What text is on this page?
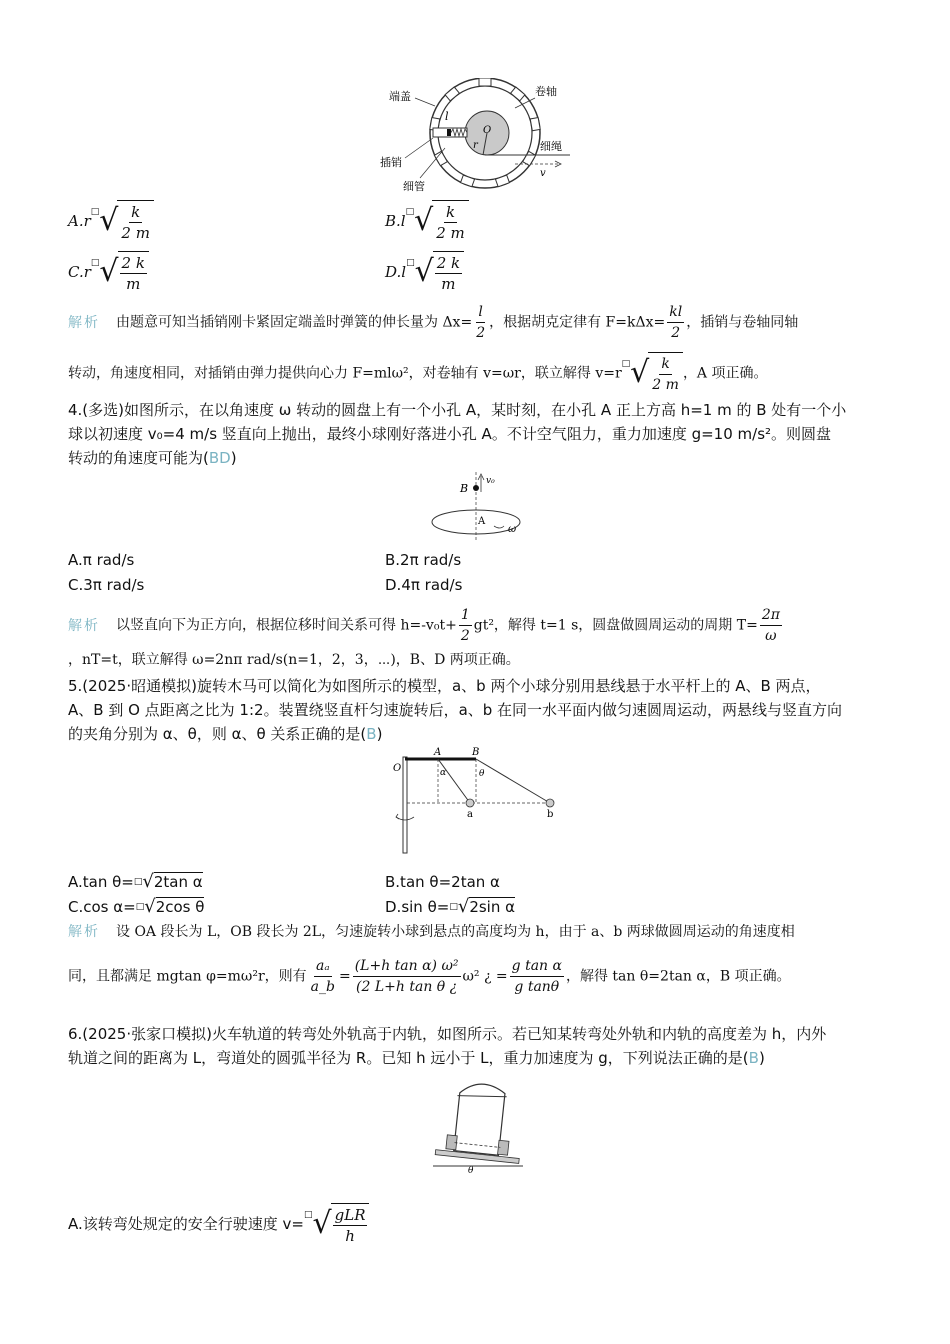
端盖	卷轴
插销
细管
细绳
l
O
r
v
A.r □ √ $\frac{k}{2 m}$	B.l □ √ $\frac{k}{2 m}$
C.r □ √ $\frac{2 k}{m}$	D.l □ √ $\frac{2 k}{m}$
解析 由题意可知当插销刚卡紧固定端盖时弹簧的伸长量为 $\Delta x= \frac{l}{2}$ ，根据胡克定律有 $F=k\Delta x= \frac{kl}{2}$ ，插销与卷轴同轴
转动，角速度相同，对插销由弹力提供向心力 F=mlω²，对卷轴有 v=ωr，联立解得 v=r
□ √ $\frac{k}{2 m}$ ，A 项正确。
4.(多选)如图所示，在以角速度 ω 转动的圆盘上有一个小孔 A，某时刻，在小孔 A 正上方高 h=1 m 的 B 处有一个小
球以初速度 v₀=4 m/s 竖直向上抛出，最终小球刚好落进小孔 A。不计空气阻力，重力加速度 g=10 m/s²。则圆盘
转动的角速度可能为(BD)
B
v₀
A
ω
A.π rad/s	B.2π rad/s
C.3π rad/s	D.4π rad/s
解析 以竖直向下为正方向，根据位移时间关系可得 $h=-v_0t+ \frac{1}{2} gt^2$，解得 t=1 s，圆盘做圆周运动的周期 $T= \frac{2\pi}{\omega}$
，nT=t，联立解得 ω=2nπ rad/s(n=1，2，3，⋯)，B、D 两项正确。
5.(2025·昭通模拟)旋转木马可以简化为如图所示的模型，a、b 两个小球分别用悬线悬于水平杆上的 A、B 两点，
A、B 到 O 点距离之比为 1:2。装置绕竖直杆匀速旋转后，a、b 在同一水平面内做匀速圆周运动，两悬线与竖直方向
的夹角分别为 α、θ，则 α、θ 关系正确的是(B)
O
A	B
α	θ
a	b
A.tan θ=□√2tan α	B.tan θ=2tan α
C.cos α=□√2cos θ	D.sin θ=□√2sin α
解析 设 OA 段长为 L，OB 段长为 2L，匀速旋转小球到悬点的高度均为 h，由于 a、b 两球做圆周运动的角速度相
同，且都满足 mgtan φ=mω²r，则有 $\frac{\text{aₐ}}{a\_b} = \frac{\text{(L+h tan α) ω²}}{\text{(2 L+h tan θ ¿}} \omega^2$ ¿ = $\frac{\text{g tan α}}{\text{g tanθ}}$ ，解得 tan θ=2tan α，B 项正确。
6.(2025·张家口模拟)火车轨道的转弯处外轨高于内轨，如图所示。若已知某转弯处外轨和内轨的高度差为 h，内外
轨道之间的距离为 L，弯道处的圆弧半径为 R。已知 h 远小于 L，重力加速度为 g，下列说法正确的是(B)
θ
A.该转弯处规定的安全行驶速度 v= □ √ $\frac{\text{gLR}}{h}$
